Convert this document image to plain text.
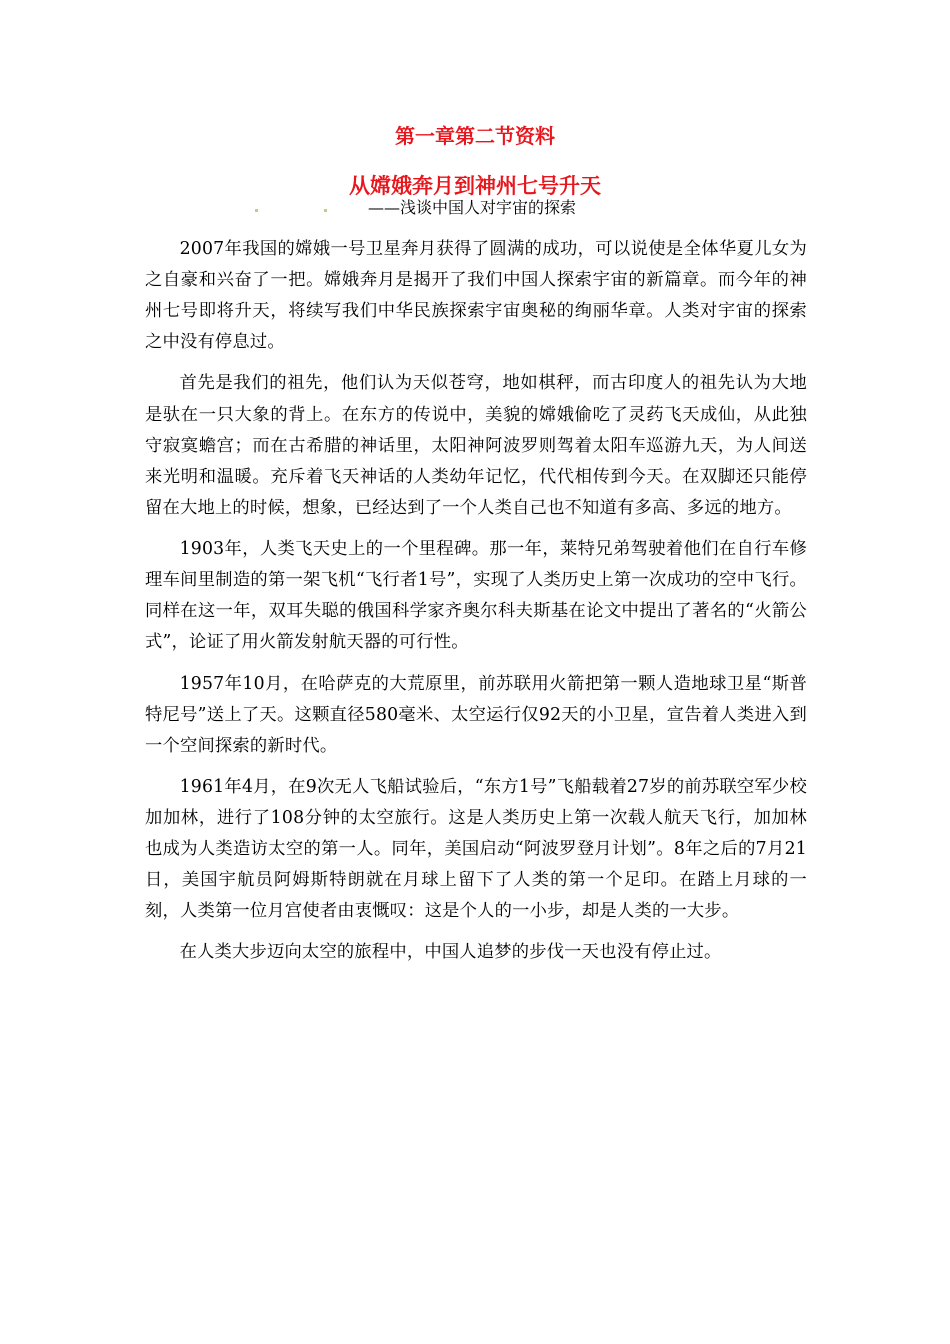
第一章第二节资料
从嫦娥奔月到神州七号升天

——浅谈中国人对宇宙的探索

2007年我国的嫦娥一号卫星奔月获得了圆满的成功，可以说使是全体华夏儿女为之自豪和兴奋了一把。嫦娥奔月是揭开了我们中国人探索宇宙的新篇章。而今年的神州七号即将升天，将续写我们中华民族探索宇宙奥秘的绚丽华章。人类对宇宙的探索之中没有停息过。

首先是我们的祖先，他们认为天似苍穹，地如棋秤，而古印度人的祖先认为大地是驮在一只大象的背上。在东方的传说中，美貌的嫦娥偷吃了灵药飞天成仙，从此独守寂寞蟾宫；而在古希腊的神话里，太阳神阿波罗则驾着太阳车巡游九天，为人间送来光明和温暖。充斥着飞天神话的人类幼年记忆，代代相传到今天。在双脚还只能停留在大地上的时候，想象，已经达到了一个人类自己也不知道有多高、多远的地方。

1903年，人类飞天史上的一个里程碑。那一年，莱特兄弟驾驶着他们在自行车修理车间里制造的第一架飞机“飞行者1号”，实现了人类历史上第一次成功的空中飞行。同样在这一年，双耳失聪的俄国科学家齐奥尔科夫斯基在论文中提出了著名的“火箭公式”，论证了用火箭发射航天器的可行性。

1957年10月，在哈萨克的大荒原里，前苏联用火箭把第一颗人造地球卫星“斯普特尼号”送上了天。这颗直径580毫米、太空运行仅92天的小卫星，宣告着人类进入到一个空间探索的新时代。

1961年4月，在9次无人飞船试验后，“东方1号”飞船载着27岁的前苏联空军少校加加林，进行了108分钟的太空旅行。这是人类历史上第一次载人航天飞行，加加林也成为人类造访太空的第一人。同年，美国启动“阿波罗登月计划”。8年之后的7月21日，美国宇航员阿姆斯特朗就在月球上留下了人类的第一个足印。在踏上月球的一刻，人类第一位月宫使者由衷慨叹：这是个人的一小步，却是人类的一大步。

在人类大步迈向太空的旅程中，中国人追梦的步伐一天也没有停止过。
